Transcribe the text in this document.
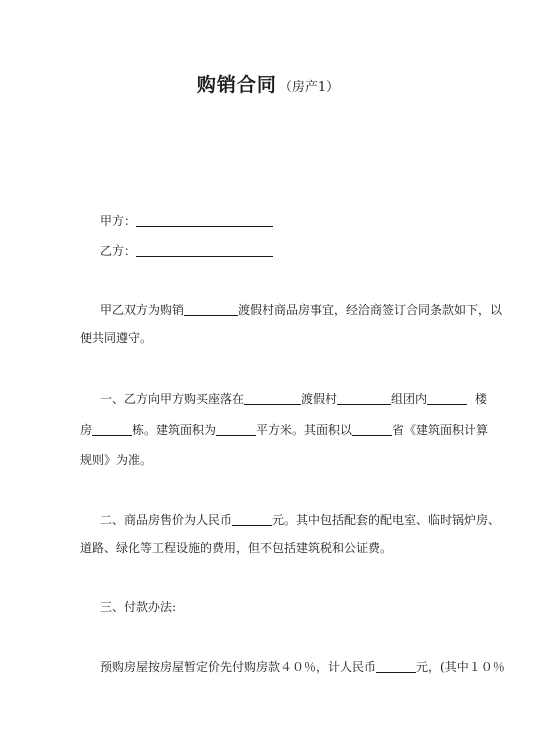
购销合同 （房产1）
甲方：
乙方：
甲乙双方为购销	渡假村商品房事宜，经洽商签订合同条款如下，以
便共同遵守。
一、乙方向甲方购买座落在	渡假村	组团内	楼
房	栋。建筑面积为	平方米。其面积以	省《建筑面积计算
规则》为准。
二、商品房售价为人民币	元。其中包括配套的配电室、临时锅炉房、
道路、绿化等工程设施的费用，但不包括建筑税和公证费。
三、付款办法:
预购房屋按房屋暂定价先付购房款４０％，计人民币	元，(其中１０％
